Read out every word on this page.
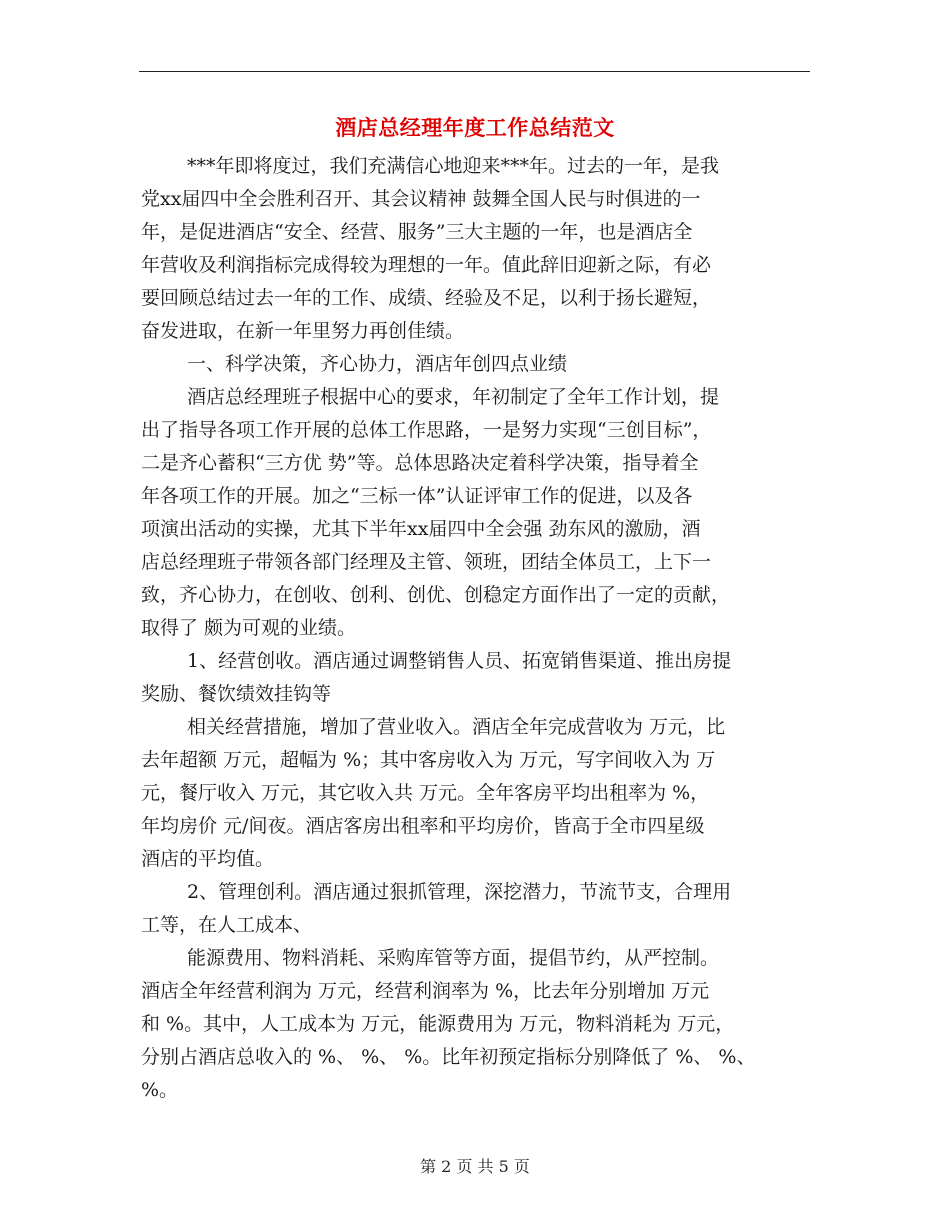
酒店总经理年度工作总结范文
***年即将度过，我们充满信心地迎来***年。过去的一年，是我
党xx届四中全会胜利召开、其会议精神 鼓舞全国人民与时俱进的一
年，是促进酒店“安全、经营、服务”三大主题的一年，也是酒店全
年营收及利润指标完成得较为理想的一年。值此辞旧迎新之际，有必
要回顾总结过去一年的工作、成绩、经验及不足，以利于扬长避短，
奋发进取，在新一年里努力再创佳绩。
一、科学决策，齐心协力，酒店年创四点业绩
酒店总经理班子根据中心的要求，年初制定了全年工作计划，提
出了指导各项工作开展的总体工作思路，一是努力实现“三创目标”，
二是齐心蓄积“三方优 势”等。总体思路决定着科学决策，指导着全
年各项工作的开展。加之“三标一体”认证评审工作的促进，以及各
项演出活动的实操，尤其下半年xx届四中全会强 劲东风的激励，酒
店总经理班子带领各部门经理及主管、领班，团结全体员工，上下一
致，齐心协力，在创收、创利、创优、创稳定方面作出了一定的贡献，
取得了 颇为可观的业绩。
1、经营创收。酒店通过调整销售人员、拓宽销售渠道、推出房提
奖励、餐饮绩效挂钩等
相关经营措施，增加了营业收入。酒店全年完成营收为 万元，比
去年超额 万元，超幅为 %；其中客房收入为 万元，写字间收入为 万
元，餐厅收入 万元，其它收入共 万元。全年客房平均出租率为 %，
年均房价 元/间夜。酒店客房出租率和平均房价，皆高于全市四星级
酒店的平均值。
2、管理创利。酒店通过狠抓管理，深挖潜力，节流节支，合理用
工等，在人工成本、
能源费用、物料消耗、采购库管等方面，提倡节约，从严控制。
酒店全年经营利润为 万元，经营利润率为 %，比去年分别增加 万元
和 %。其中，人工成本为 万元，能源费用为 万元，物料消耗为 万元，
分别占酒店总收入的 %、 %、 %。比年初预定指标分别降低了 %、 %、
%。
第 2 页 共 5 页
